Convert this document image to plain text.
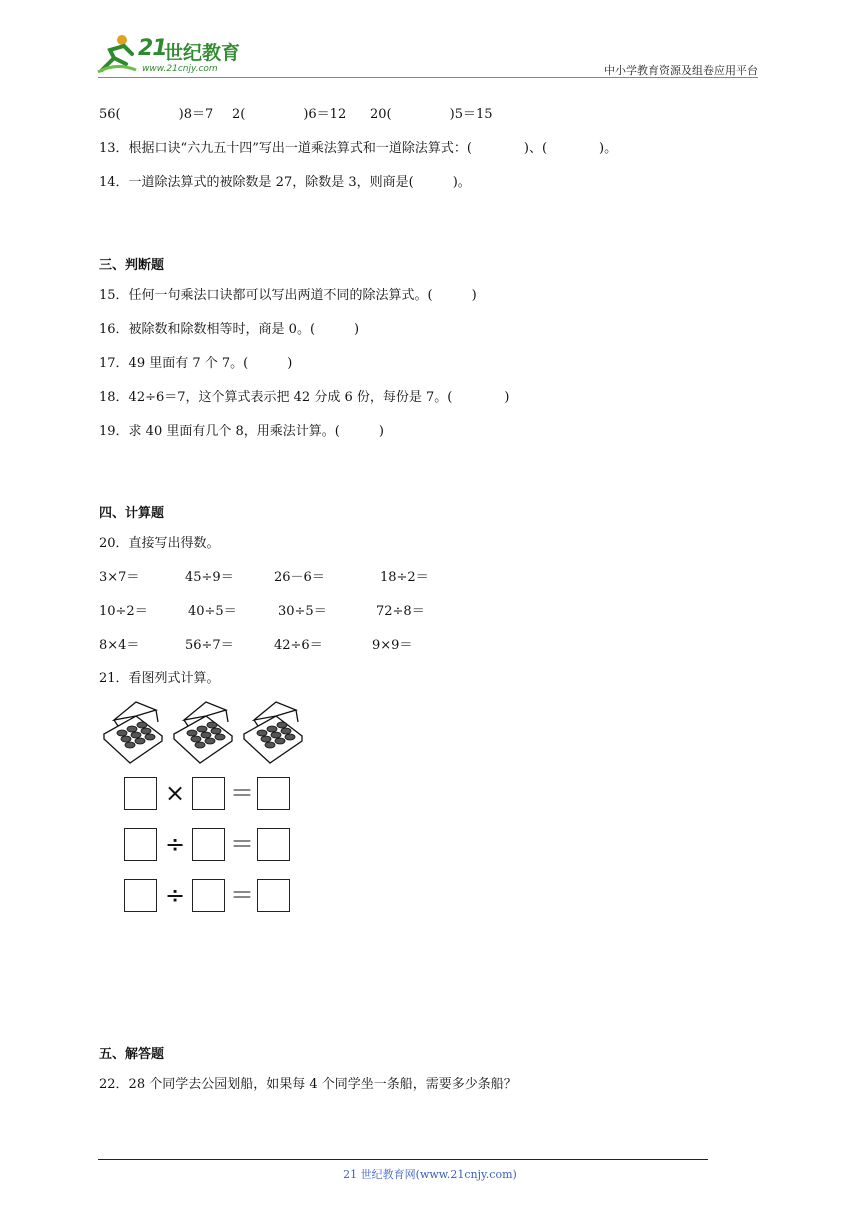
21
世纪教育
www.21cnjy.com	中小学教育资源及组卷应用平台
56(	)8＝7 2(	)6＝12 20(	)5＝15
13．根据口诀“六九五十四”写出一道乘法算式和一道除法算式：(　　　　)、(　　　　)。
14．一道除法算式的被除数是 27，除数是 3，则商是(　　　)。
三、判断题
15．任何一句乘法口诀都可以写出两道不同的除法算式。(　　　)
16．被除数和除数相等时，商是 0。(　　　)
17．49 里面有 7 个 7。(　　　)
18．42÷6＝7，这个算式表示把 42 分成 6 份，每份是 7。(　　　　)
19．求 40 里面有几个 8，用乘法计算。(　　　)
四、计算题
20．直接写出得数。
3×7＝	45÷9＝	26－6＝	18÷2＝
10÷2＝	40÷5＝	30÷5＝	72÷8＝
8×4＝	56÷7＝	42÷6＝	9×9＝
21．看图列式计算。
× ＝
÷ ＝
÷ ＝
五、解答题
22．28 个同学去公园划船，如果每 4 个同学坐一条船，需要多少条船？
21 世纪教育网(www.21cnjy.com)
